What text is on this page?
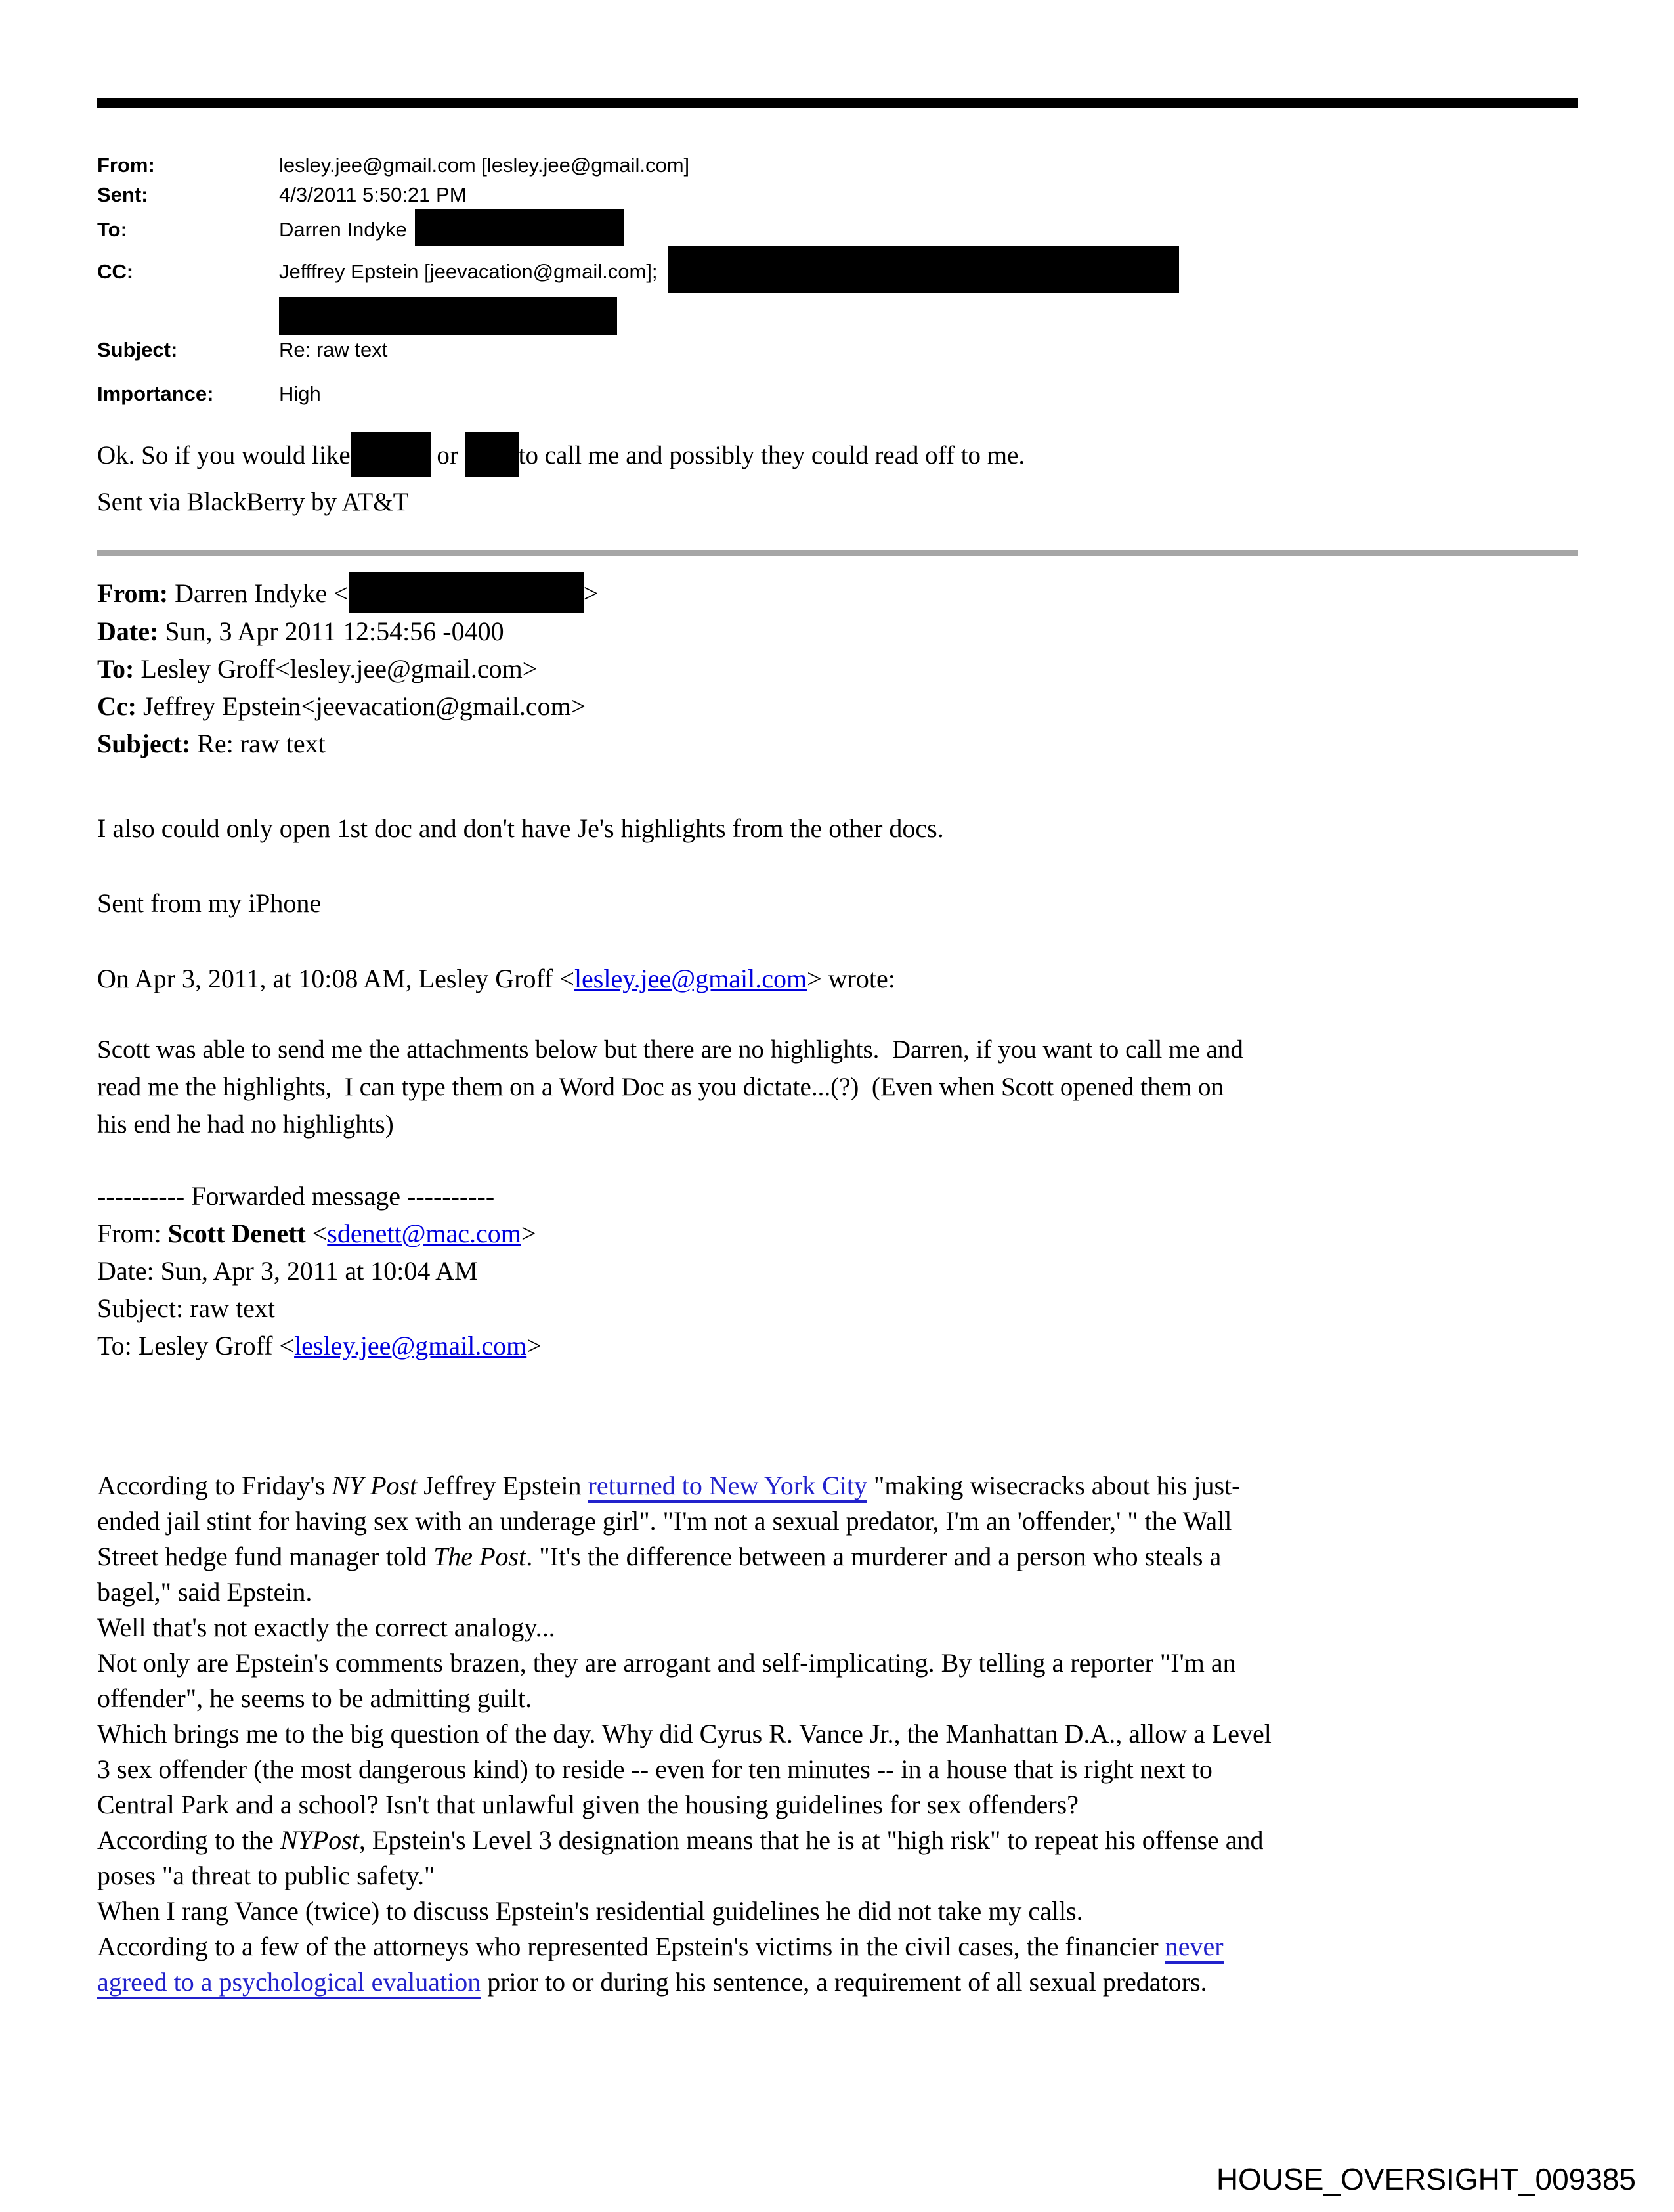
From:	lesley.jee@gmail.com [lesley.jee@gmail.com]
Sent:	4/3/2011 5:50:21 PM
To:	Darren Indyke
CC:	Jefffrey Epstein [jeevacation@gmail.com];
Subject:	Re: raw text
Importance:	High
Ok. So if you would like	or to call me and possibly they could read off to me.
Sent via BlackBerry by AT&T
From: Darren Indyke <	>
Date: Sun, 3 Apr 2011 12:54:56 -0400
To: Lesley Groff<lesley.jee@gmail.com>
Cc: Jeffrey Epstein<jeevacation@gmail.com>
Subject: Re: raw text
I also could only open 1st doc and don't have Je's highlights from the other docs.
Sent from my iPhone
On Apr 3, 2011, at 10:08 AM, Lesley Groff <lesley.jee@gmail.com> wrote:
Scott was able to send me the attachments below but there are no highlights.  Darren, if you want to call me and
read me the highlights,  I can type them on a Word Doc as you dictate...(?)  (Even when Scott opened them on
his end he had no highlights)
---------- Forwarded message ----------
From: Scott Denett <sdenett@mac.com>
Date: Sun, Apr 3, 2011 at 10:04 AM
Subject: raw text
To: Lesley Groff <lesley.jee@gmail.com>
According to Friday's NY Post Jeffrey Epstein returned to New York City "making wisecracks about his just-
ended jail stint for having sex with an underage girl". "I'm not a sexual predator, I'm an 'offender,' " the Wall
Street hedge fund manager told The Post. "It's the difference between a murderer and a person who steals a
bagel," said Epstein.
Well that's not exactly the correct analogy...
Not only are Epstein's comments brazen, they are arrogant and self-implicating. By telling a reporter "I'm an
offender", he seems to be admitting guilt.
Which brings me to the big question of the day. Why did Cyrus R. Vance Jr., the Manhattan D.A., allow a Level
3 sex offender (the most dangerous kind) to reside -- even for ten minutes -- in a house that is right next to
Central Park and a school? Isn't that unlawful given the housing guidelines for sex offenders?
According to the NYPost, Epstein's Level 3 designation means that he is at "high risk" to repeat his offense and
poses "a threat to public safety."
When I rang Vance (twice) to discuss Epstein's residential guidelines he did not take my calls.
According to a few of the attorneys who represented Epstein's victims in the civil cases, the financier never
agreed to a psychological evaluation prior to or during his sentence, a requirement of all sexual predators.
HOUSE_OVERSIGHT_009385
